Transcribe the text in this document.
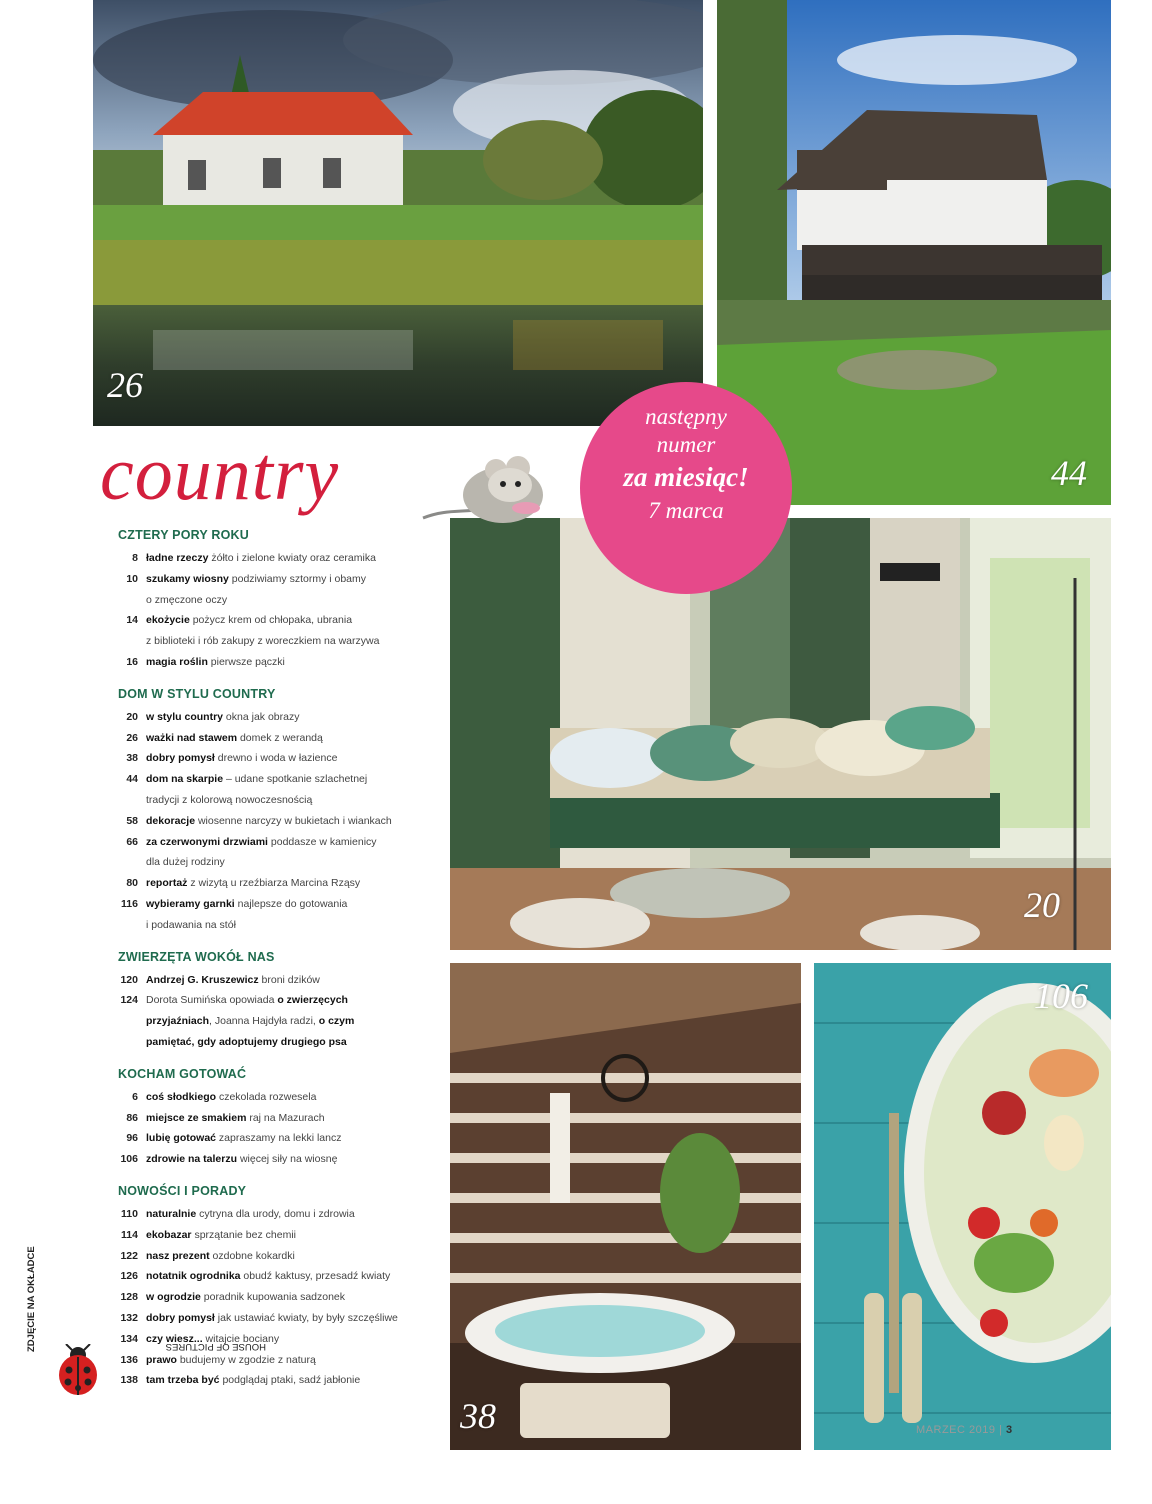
26
44
20
38
106
country
następny
numer
za miesiąc!
7 marca
CZTERY PORY ROKU
8 ładne rzeczy żółto i zielone kwiaty oraz ceramika
10 szukamy wiosny podziwiamy sztormy i obamy
o zmęczone oczy
14 ekożycie pożycz krem od chłopaka, ubrania
z biblioteki i rób zakupy z woreczkiem na warzywa
16 magia roślin pierwsze pączki
DOM W STYLU COUNTRY
20 w stylu country okna jak obrazy
26 ważki nad stawem domek z werandą
38 dobry pomysł drewno i woda w łazience
44 dom na skarpie – udane spotkanie szlachetnej
tradycji z kolorową nowoczesnością
58 dekoracje wiosenne narcyzy w bukietach i wiankach
66 za czerwonymi drzwiami poddasze w kamienicy
dla dużej rodziny
80 reportaż z wizytą u rzeźbiarza Marcina Rząsy
116 wybieramy garnki najlepsze do gotowania
i podawania na stół
ZWIERZĘTA WOKÓŁ NAS
120 Andrzej G. Kruszewicz broni dzików
124 Dorota Sumińska opowiada o zwierzęcych
przyjaźniach, Joanna Hajdyła radzi, o czym
pamiętać, gdy adoptujemy drugiego psa
KOCHAM GOTOWAĆ
6 coś słodkiego czekolada rozwesela
86 miejsce ze smakiem raj na Mazurach
96 lubię gotować zapraszamy na lekki lancz
106 zdrowie na talerzu więcej siły na wiosnę
NOWOŚCI I PORADY
110 naturalnie cytryna dla urody, domu i zdrowia
114 ekobazar sprzątanie bez chemii
122 nasz prezent ozdobne kokardki
126 notatnik ogrodnika obudź kaktusy, przesadź kwiaty
128 w ogrodzie poradnik kupowania sadzonek
132 dobry pomysł jak ustawiać kwiaty, by były szczęśliwe
134 czy wiesz... witajcie bociany
136 prawo budujemy w zgodzie z naturą
138 tam trzeba być podglądaj ptaki, sadź jabłonie
ZDJĘCIE NA OKŁADCE	HOUSE OF PICTURES
MARZEC 2019 | 3
